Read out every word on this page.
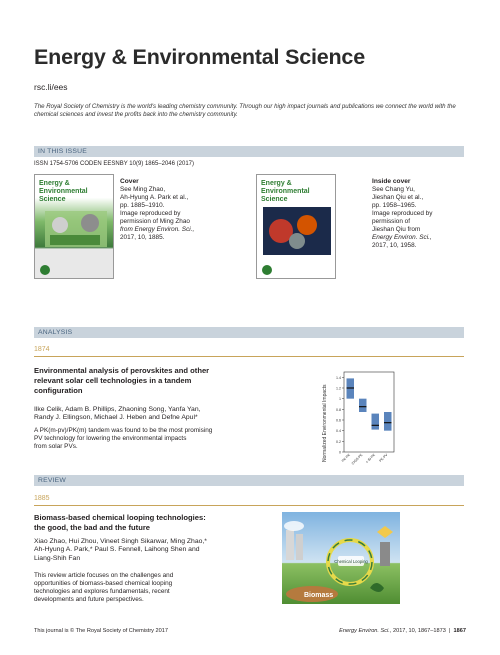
Energy & Environmental Science
rsc.li/ees
The Royal Society of Chemistry is the world's leading chemistry community. Through our high impact journals and publications we connect the world with the chemical sciences and invest the profits back into the chemistry community.
IN THIS ISSUE
ISSN 1754-5706 CODEN EESNBY 10(9) 1865–2046 (2017)
Energy &
Environmental
Science
Cover
See Ming Zhao,
Ah-Hyung A. Park et al.,
pp. 1885–1910.
Image reproduced by
permission of Ming Zhao
from Energy Environ. Sci.,
2017, 10, 1885.
Energy &
Environmental
Science
Inside cover
See Chang Yu,
Jieshan Qiu et al.,
pp. 1958–1965.
Image reproduced by
permission of
Jieshan Qiu from
Energy Environ. Sci.,
2017, 10, 1958.
ANALYSIS
1874
Environmental analysis of perovskites and other
relevant solar cell technologies in a tandem
configuration
Ilke Celik, Adam B. Phillips, Zhaoning Song, Yanfa Yan,
Randy J. Ellingson, Michael J. Heben and Defne Apul*
A PK(m-pv)/PK(m) tandem was found to be the most promising
PV technology for lowering the environmental impacts
from solar PVs.	Normalized Environmental Impacts	0
0.2
0.4
0.6
0.8
1
1.2
1.4
PK-PK CIGS-PK c-Si-PK PK-PV
REVIEW
1885
Biomass-based chemical looping technologies:
the good, the bad and the future
Xiao Zhao, Hui Zhou, Vineet Singh Sikarwar, Ming Zhao,*
Ah-Hyung A. Park,* Paul S. Fennell, Laihong Shen and
Liang-Shih Fan
This review article focuses on the challenges and
opportunities of biomass-based chemical looping
technologies and explores fundamentals, recent
developments and future perspectives.
Chemical Looping
Biomass
This journal is © The Royal Society of Chemistry 2017	Energy Environ. Sci., 2017, 10, 1867–1873  |  1867
